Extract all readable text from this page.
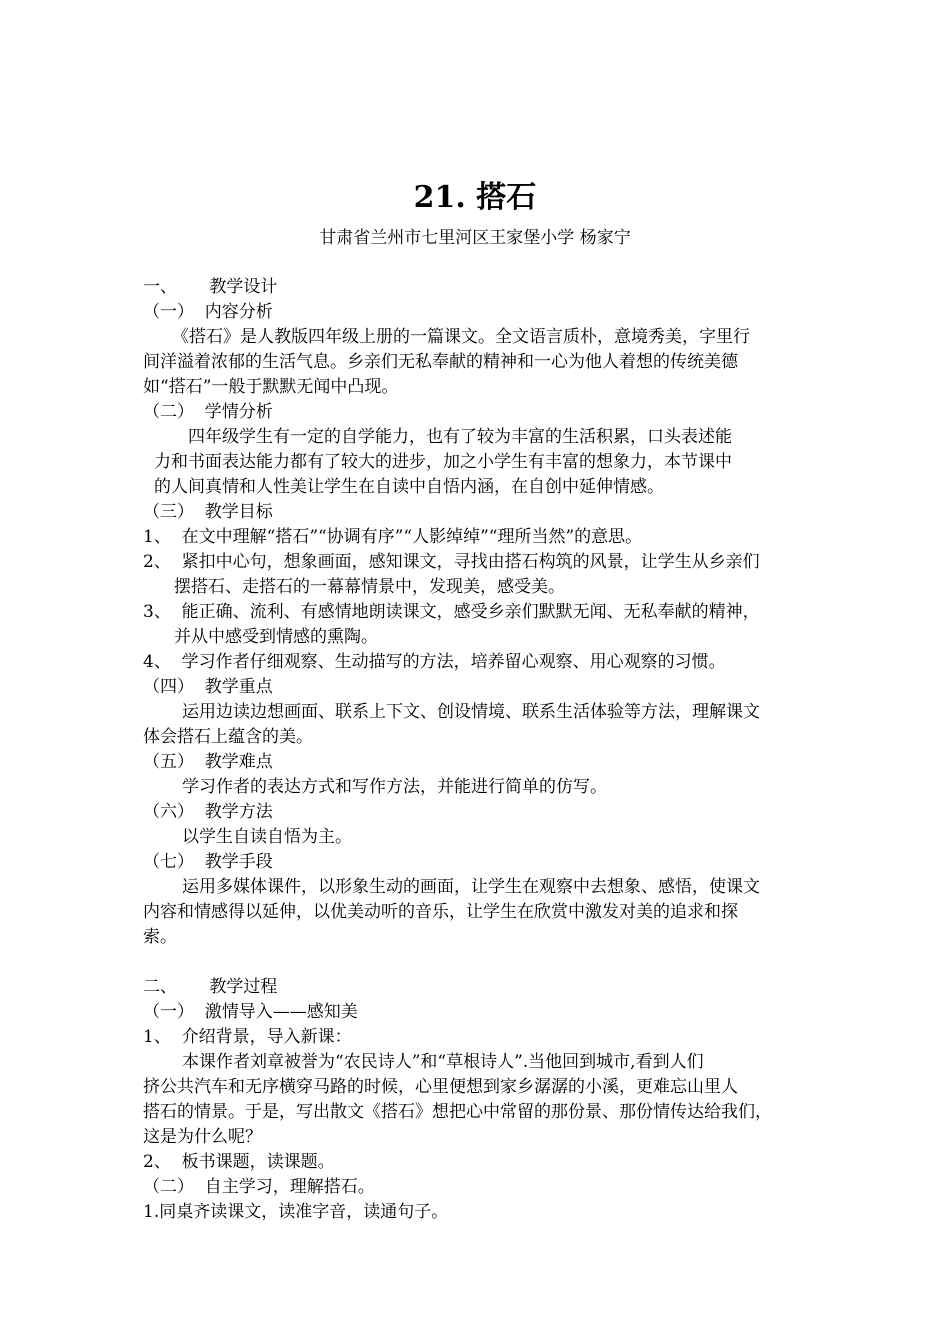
21. 搭石
甘肃省兰州市七里河区王家堡小学 杨家宁
一、      教学设计
（一）  内容分析
《搭石》是人教版四年级上册的一篇课文。全文语言质朴，意境秀美，字里行
间洋溢着浓郁的生活气息。乡亲们无私奉献的精神和一心为他人着想的传统美德
如“搭石”一般于默默无闻中凸现。
（二）  学情分析
四年级学生有一定的自学能力，也有了较为丰富的生活积累，口头表述能
力和书面表达能力都有了较大的进步，加之小学生有丰富的想象力，本节课中
的人间真情和人性美让学生在自读中自悟内涵，在自创中延伸情感。
（三）  教学目标
1、  在文中理解“搭石”“协调有序”“人影绰绰”“理所当然”的意思。
2、  紧扣中心句，想象画面，感知课文，寻找由搭石构筑的风景，让学生从乡亲们
摆搭石、走搭石的一幕幕情景中，发现美，感受美。
3、  能正确、流利、有感情地朗读课文，感受乡亲们默默无闻、无私奉献的精神，
并从中感受到情感的熏陶。
4、  学习作者仔细观察、生动描写的方法，培养留心观察、用心观察的习惯。
（四）  教学重点
运用边读边想画面、联系上下文、创设情境、联系生活体验等方法，理解课文
体会搭石上蕴含的美。
（五）  教学难点
学习作者的表达方式和写作方法，并能进行简单的仿写。
（六）  教学方法
以学生自读自悟为主。
（七）  教学手段
运用多媒体课件，以形象生动的画面，让学生在观察中去想象、感悟，使课文
内容和情感得以延伸，以优美动听的音乐，让学生在欣赏中激发对美的追求和探
索。
二、      教学过程
（一）  激情导入——感知美
1、  介绍背景，导入新课：
本课作者刘章被誉为“农民诗人”和“草根诗人”.当他回到城市,看到人们
挤公共汽车和无序横穿马路的时候，心里便想到家乡潺潺的小溪，更难忘山里人
搭石的情景。于是，写出散文《搭石》想把心中常留的那份景、那份情传达给我们，
这是为什么呢？
2、  板书课题，读课题。
（二）  自主学习，理解搭石。
1.同桌齐读课文，读准字音，读通句子。
